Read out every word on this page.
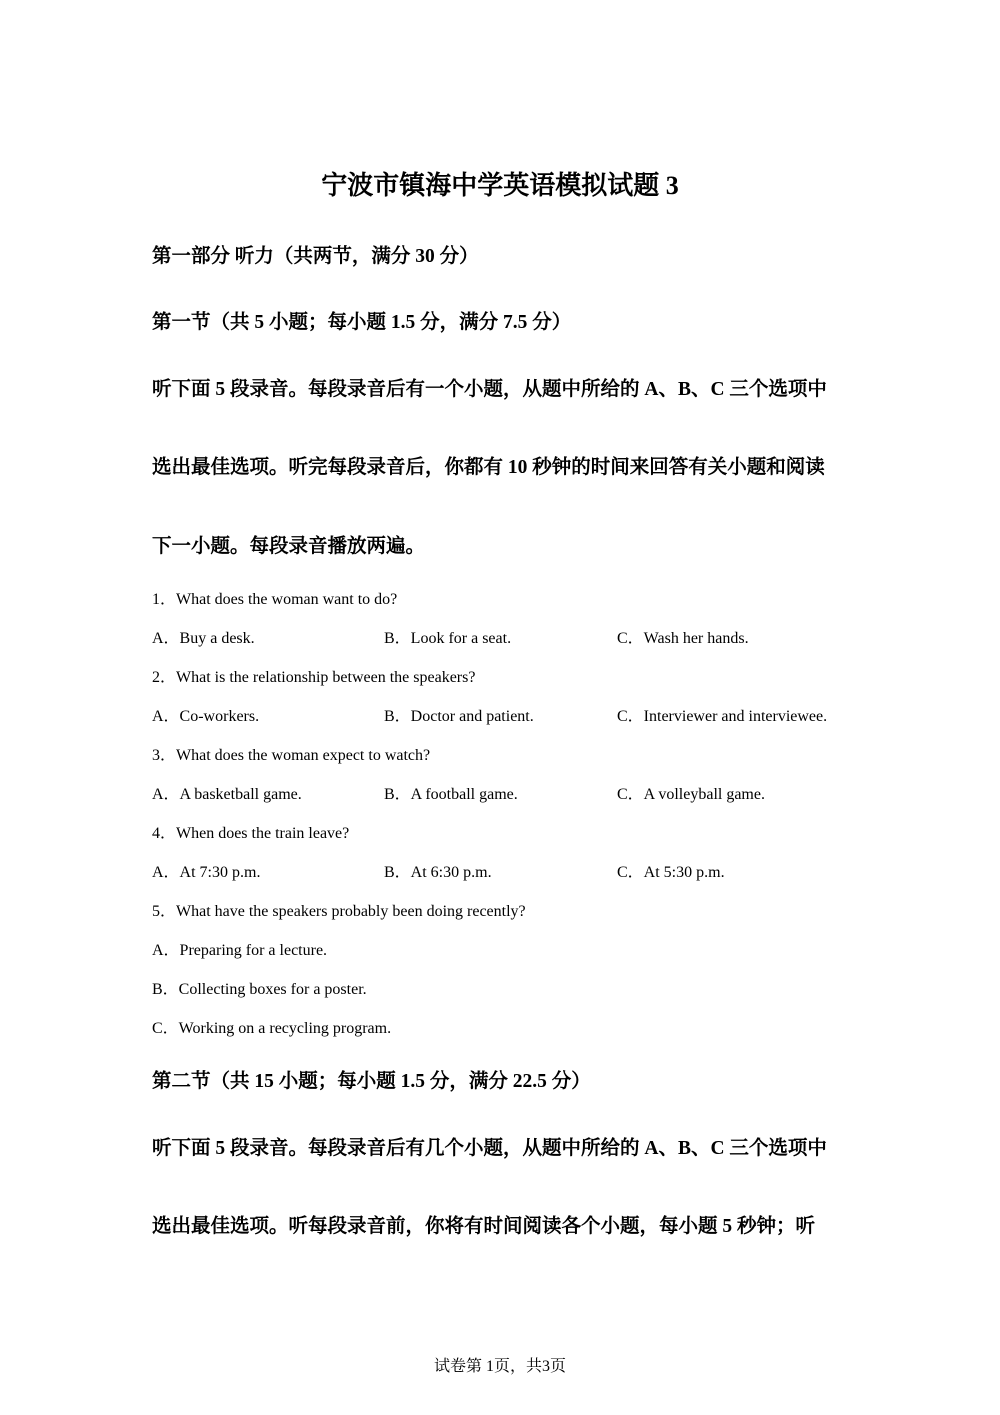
宁波市镇海中学英语模拟试题 3
第一部分 听力（共两节，满分 30 分）
第一节（共 5 小题；每小题 1.5 分，满分 7.5 分）
听下面 5 段录音。每段录音后有一个小题，从题中所给的 A、B、C 三个选项中
选出最佳选项。听完每段录音后，你都有 10 秒钟的时间来回答有关小题和阅读
下一小题。每段录音播放两遍。
1．What does the woman want to do?
A．Buy a desk.	B．Look for a seat.	C．Wash her hands.
2．What is the relationship between the speakers?
A．Co-workers.	B．Doctor and patient.	C．Interviewer and interviewee.
3．What does the woman expect to watch?
A．A basketball game.	B．A football game.	C．A volleyball game.
4．When does the train leave?
A．At 7:30 p.m.	B．At 6:30 p.m.	C．At 5:30 p.m.
5．What have the speakers probably been doing recently?
A．Preparing for a lecture.
B．Collecting boxes for a poster.
C．Working on a recycling program.
第二节（共 15 小题；每小题 1.5 分，满分 22.5 分）
听下面 5 段录音。每段录音后有几个小题，从题中所给的 A、B、C 三个选项中
选出最佳选项。听每段录音前，你将有时间阅读各个小题，每小题 5 秒钟；听
试卷第 1页，共3页
